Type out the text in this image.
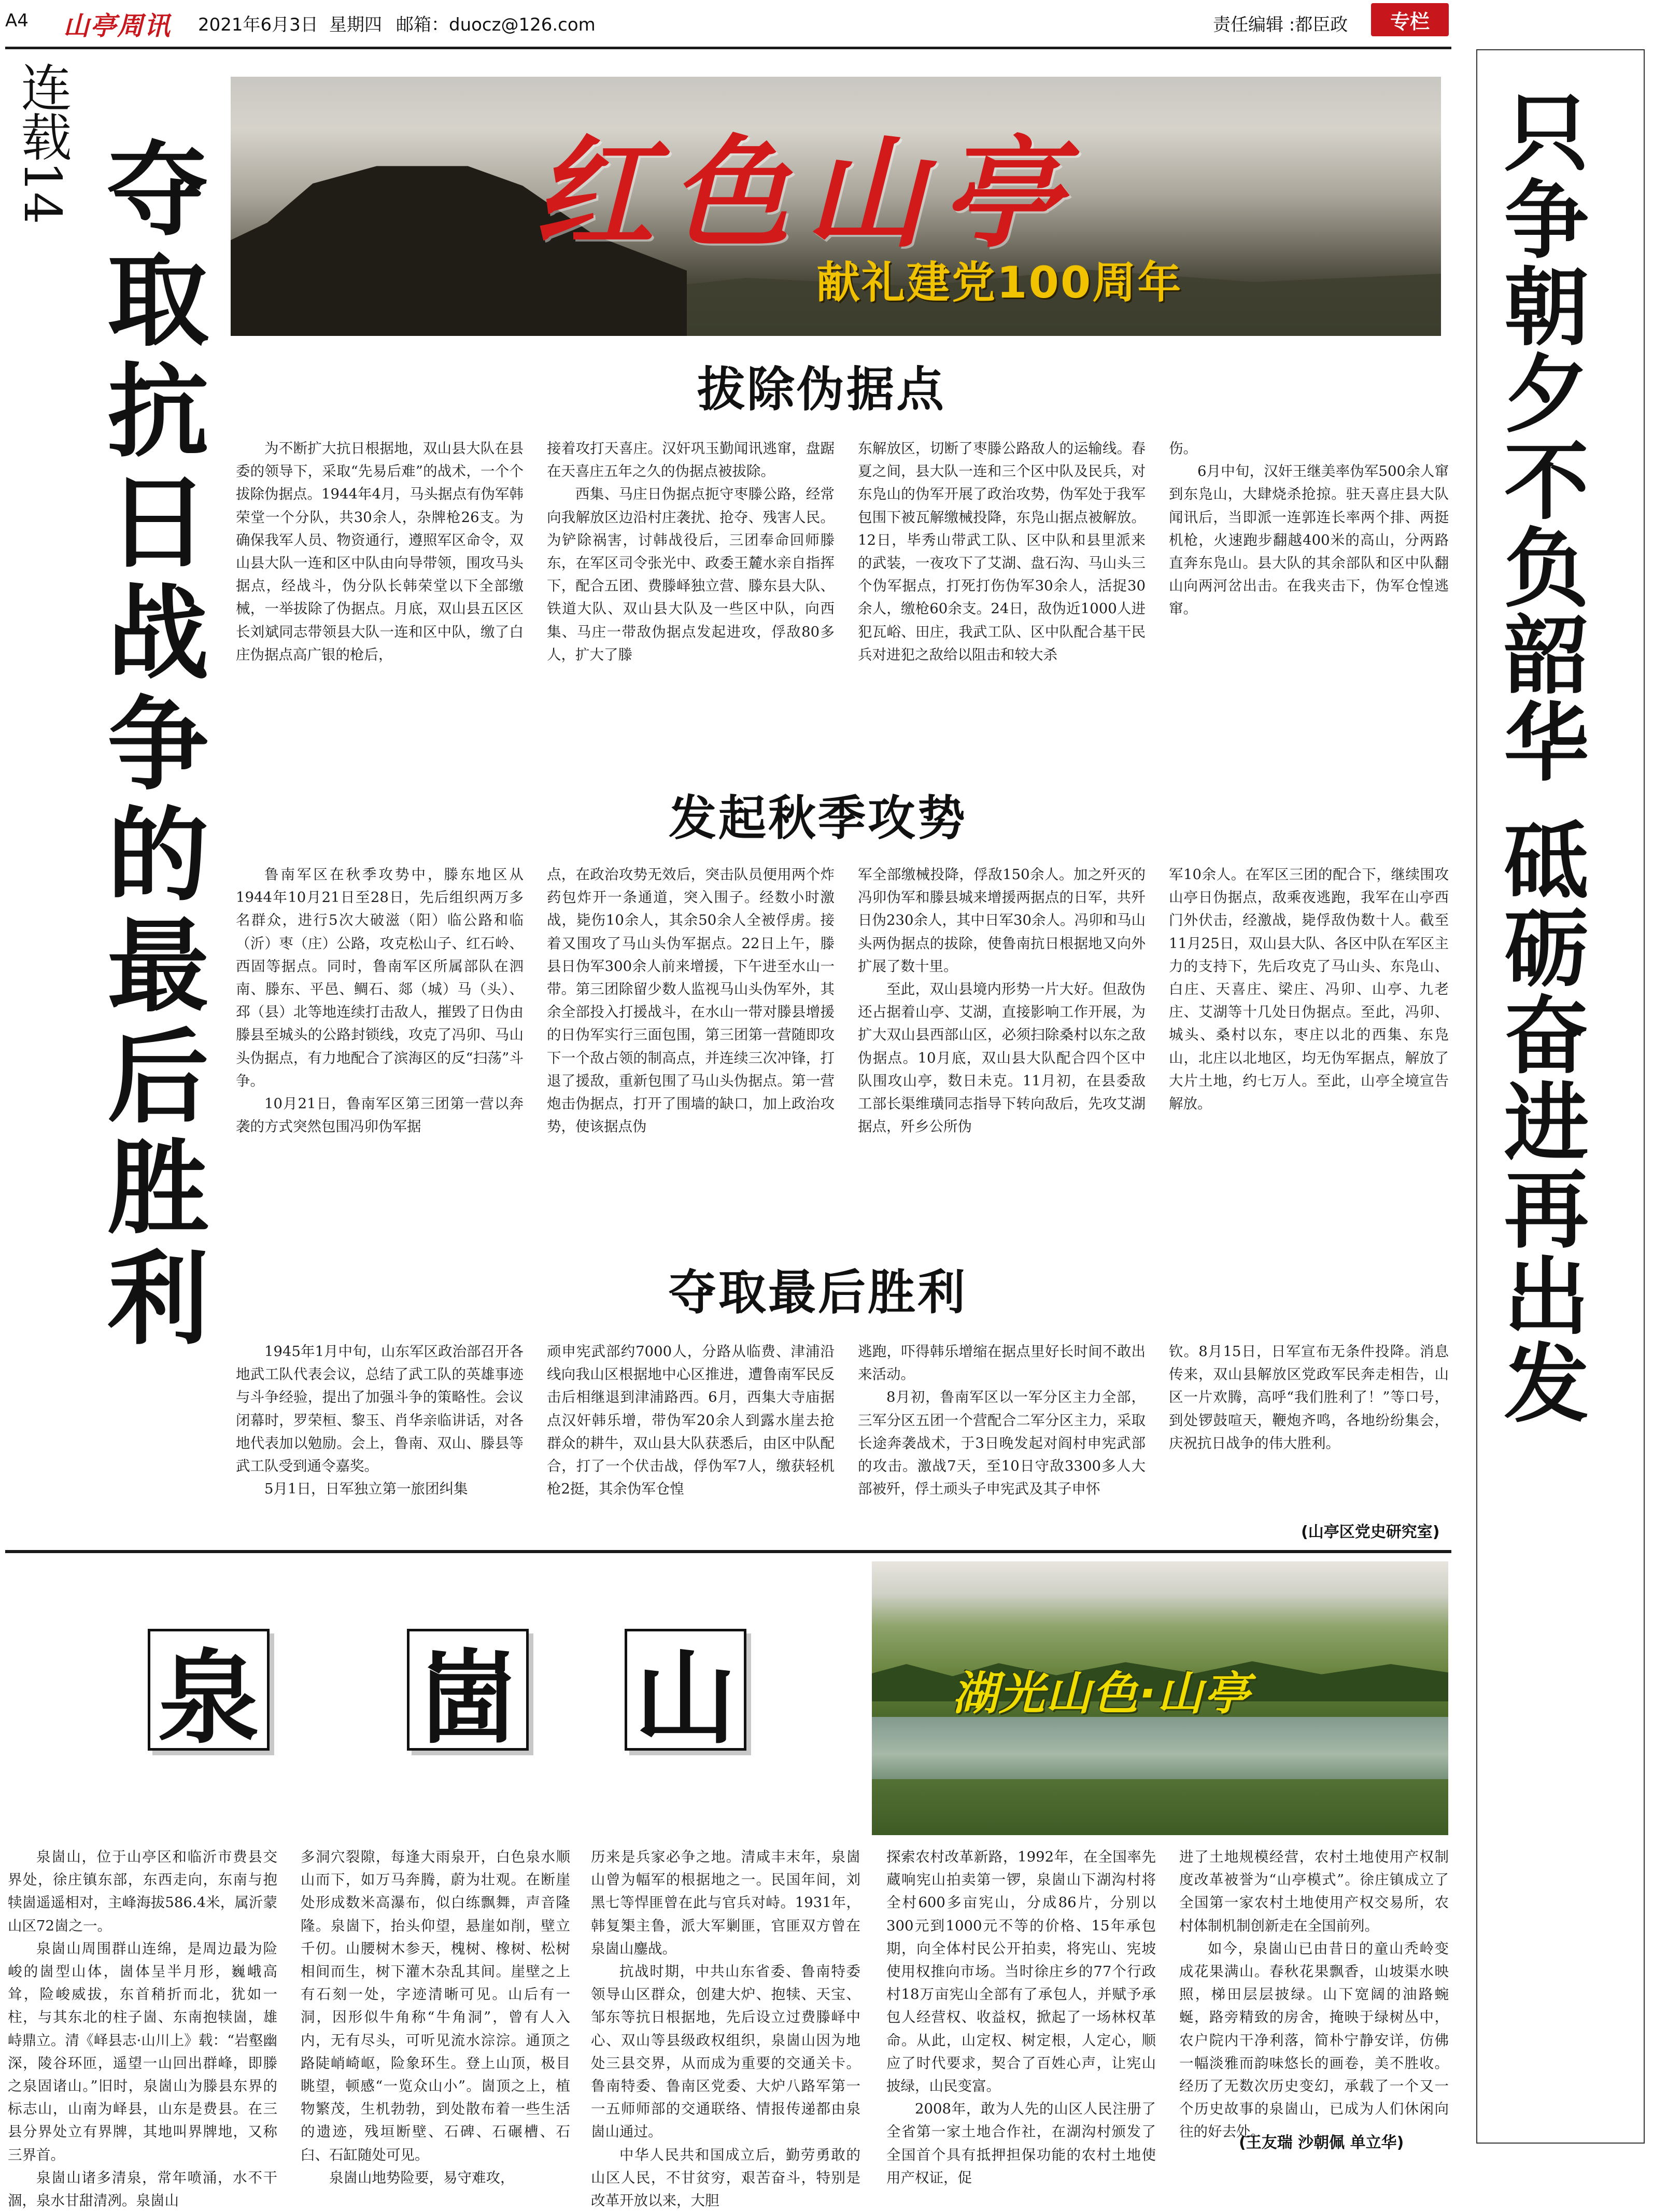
A4 山亭周讯 2021年6月3日 星期四 邮箱：duocz@126.com	责任编辑 :都臣政	专栏
连载14 夺取抗日战争的最后胜利	红色山亭
献礼建党100周年
拔除伪据点

为不断扩大抗日根据地，双山县大队在县委的领导下，采取“先易后难”的战术，一个个拔除伪据点。1944年4月，马头据点有伪军韩荣堂一个分队，共30余人，杂牌枪26支。为确保我军人员、物资通行，遵照军区命令，双山县大队一连和区中队由向导带领，围攻马头据点，经战斗，伪分队长韩荣堂以下全部缴械，一举拔除了伪据点。月底，双山县五区区长刘斌同志带领县大队一连和区中队，缴了白庄伪据点高广银的枪后，

接着攻打天喜庄。汉奸巩玉勤闻讯逃窜，盘踞在天喜庄五年之久的伪据点被拔除。

西集、马庄日伪据点扼守枣滕公路，经常向我解放区边沿村庄袭扰、抢夺、残害人民。为铲除祸害，讨韩战役后，三团奉命回师滕东，在军区司令张光中、政委王麓水亲自指挥下，配合五团、费滕峄独立营、滕东县大队、铁道大队、双山县大队及一些区中队，向西集、马庄一带敌伪据点发起进攻，俘敌80多人，扩大了滕

东解放区，切断了枣滕公路敌人的运输线。春夏之间，县大队一连和三个区中队及民兵，对东凫山的伪军开展了政治攻势，伪军处于我军包围下被瓦解缴械投降，东凫山据点被解放。12日，毕秀山带武工队、区中队和县里派来的武装，一夜攻下了艾湖、盘石沟、马山头三个伪军据点，打死打伤伪军30余人，活捉30余人，缴枪60余支。24日，敌伪近1000人进犯瓦峪、田庄，我武工队、区中队配合基干民兵对进犯之敌给以阻击和较大杀

伤。

6月中旬，汉奸王继美率伪军500余人窜到东凫山，大肆烧杀抢掠。驻天喜庄县大队闻讯后，当即派一连郭连长率两个排、两挺机枪，火速跑步翻越400米的高山，分两路直奔东凫山。县大队的其余部队和区中队翻山向两河岔出击。在我夹击下，伪军仓惶逃窜。

发起秋季攻势

鲁南军区在秋季攻势中，滕东地区从1944年10月21日至28日，先后组织两万多名群众，进行5次大破滋（阳）临公路和临（沂）枣（庄）公路，攻克松山子、红石岭、西固等据点。同时，鲁南军区所属部队在泗南、滕东、平邑、鲷石、郯（城）马（头）、邳（县）北等地连续打击敌人，摧毁了日伪由滕县至城头的公路封锁线，攻克了冯卯、马山头伪据点，有力地配合了滨海区的反“扫荡”斗争。

10月21日，鲁南军区第三团第一营以奔袭的方式突然包围冯卯伪军据

点，在政治攻势无效后，突击队员便用两个炸药包炸开一条通道，突入围子。经数小时激战，毙伤10余人，其余50余人全被俘虏。接着又围攻了马山头伪军据点。22日上午，滕县日伪军300余人前来增援，下午进至水山一带。第三团除留少数人监视马山头伪军外，其余全部投入打援战斗，在水山一带对滕县增援的日伪军实行三面包围，第三团第一营随即攻下一个敌占领的制高点，并连续三次冲锋，打退了援敌，重新包围了马山头伪据点。第一营炮击伪据点，打开了围墙的缺口，加上政治攻势，使该据点伪

军全部缴械投降，俘敌150余人。加之歼灭的冯卯伪军和滕县城来增援两据点的日军，共歼日伪230余人，其中日军30余人。冯卯和马山头两伪据点的拔除，使鲁南抗日根据地又向外扩展了数十里。

至此，双山县境内形势一片大好。但敌伪还占据着山亭、艾湖，直接影响工作开展，为扩大双山县西部山区，必须扫除桑村以东之敌伪据点。10月底，双山县大队配合四个区中队围攻山亭，数日未克。11月初，在县委敌工部长渠维璜同志指导下转向敌后，先攻艾湖据点，歼乡公所伪

军10余人。在军区三团的配合下，继续围攻山亭日伪据点，敌乘夜逃跑，我军在山亭西门外伏击，经激战，毙俘敌伪数十人。截至11月25日，双山县大队、各区中队在军区主力的支持下，先后攻克了马山头、东凫山、白庄、天喜庄、梁庄、冯卯、山亭、九老庄、艾湖等十几处日伪据点。至此，冯卯、城头、桑村以东，枣庄以北的西集、东凫山，北庄以北地区，均无伪军据点，解放了大片土地，约七万人。至此，山亭全境宣告解放。

夺取最后胜利

1945年1月中旬，山东军区政治部召开各地武工队代表会议，总结了武工队的英雄事迹与斗争经验，提出了加强斗争的策略性。会议闭幕时，罗荣桓、黎玉、肖华亲临讲话，对各地代表加以勉励。会上，鲁南、双山、滕县等武工队受到通令嘉奖。

5月1日，日军独立第一旅团纠集

顽申宪武部约7000人，分路从临费、津浦沿线向我山区根据地中心区推进，遭鲁南军民反击后相继退到津浦路西。6月，西集大寺庙据点汉奸韩乐增，带伪军20余人到露水崖去抢群众的耕牛，双山县大队获悉后，由区中队配合，打了一个伏击战，俘伪军7人，缴获轻机枪2挺，其余伪军仓惶

逃跑，吓得韩乐增缩在据点里好长时间不敢出来活动。

8月初，鲁南军区以一军分区主力全部，三军分区五团一个营配合二军分区主力，采取长途奔袭战术，于3日晚发起对阎村申宪武部的攻击。激战7天，至10日守敌3300多人大部被歼，俘土顽头子申宪武及其子申怀

钦。8月15日，日军宣布无条件投降。消息传来，双山县解放区党政军民奔走相告，山区一片欢腾，高呼“我们胜利了！”等口号，到处锣鼓喧天，鞭炮齐鸣，各地纷纷集会，庆祝抗日战争的伟大胜利。

(山亭区党史研究室)
只争朝夕不负韶华 砥砺奋进再出发
泉 崮 山	湖光山色·山亭

泉崮山，位于山亭区和临沂市费县交界处，徐庄镇东部，东西走向，东南与抱犊崮遥遥相对，主峰海拔586.4米，属沂蒙山区72崮之一。

泉崮山周围群山连绵，是周边最为险峻的崮型山体，崮体呈半月形，巍峨高耸，险峻威拔，东首稍折而北，犹如一柱，与其东北的柱子崮、东南抱犊崮，雄峙鼎立。清《峄县志·山川上》载：“岩壑幽深，陵谷环匝，遥望一山回出群峰，即滕之泉固诸山。”旧时，泉崮山为滕县东界的标志山，山南为峄县，山东是费县。在三县分界处立有界牌，其地叫界牌地，又称三界首。

泉崮山诸多清泉，常年喷涌，水不干涸，泉水甘甜清冽。泉崮山

多洞穴裂隙，每逢大雨泉开，白色泉水顺山而下，如万马奔腾，蔚为壮观。在断崖处形成数米高瀑布，似白练飘舞，声音隆隆。泉崮下，抬头仰望，悬崖如削，壁立千仞。山腰树木参天，槐树、橡树、松树相间而生，树下灌木杂乱其间。崖壁之上有石刻一处，字迹清晰可见。山后有一洞，因形似牛角称“牛角洞”，曾有人入内，无有尽头，可听见流水淙淙。通顶之路陡峭崎岖，险象环生。登上山顶，极目眺望，顿感“一览众山小”。崮顶之上，植物繁茂，生机勃勃，到处散布着一些生活的遗迹，残垣断壁、石碑、石碾槽、石臼、石缸随处可见。

泉崮山地势险要，易守难攻，

历来是兵家必争之地。清咸丰末年，泉崮山曾为幅军的根据地之一。民国年间，刘黑七等悍匪曾在此与官兵对峙。1931年，韩复榘主鲁，派大军剿匪，官匪双方曾在泉崮山鏖战。

抗战时期，中共山东省委、鲁南特委领导山区群众，创建大炉、抱犊、天宝、邹东等抗日根据地，先后设立过费滕峄中心、双山等县级政权组织，泉崮山因为地处三县交界，从而成为重要的交通关卡。鲁南特委、鲁南区党委、大炉八路军第一一五师师部的交通联络、情报传递都由泉崮山通过。

中华人民共和国成立后，勤劳勇敢的山区人民，不甘贫穷，艰苦奋斗，特别是改革开放以来，大胆

探索农村改革新路，1992年，在全国率先蔵响宪山拍卖第一锣，泉崮山下湖沟村将全村600多亩宪山，分成86片，分别以300元到1000元不等的价格、15年承包期，向全体村民公开拍卖，将宪山、宪坡使用权推向市场。当时徐庄乡的77个行政村18万亩宪山全部有了承包人，并赋予承包人经营权、收益权，掀起了一场林权革命。从此，山定权、树定根，人定心，顺应了时代要求，契合了百姓心声，让宪山披绿，山民变富。

2008年，敢为人先的山区人民注册了全省第一家土地合作社，在湖沟村颁发了全国首个具有抵押担保功能的农村土地使用产权证，促

进了土地规模经营，农村土地使用产权制度改革被誉为“山亭模式”。徐庄镇成立了全国第一家农村土地使用产权交易所，农村体制机制创新走在全国前列。

如今，泉崮山已由昔日的童山秃岭变成花果满山。春秋花果飘香，山坡渠水映照，梯田层层披绿。山下宽阔的油路蜿蜒，路旁精致的房舍，掩映于绿树丛中，农户院内干净利落，简朴宁静安详，仿佛一幅淡雅而韵味悠长的画卷，美不胜收。经历了无数次历史变幻，承载了一个又一个历史故事的泉崮山，已成为人们休闲向往的好去处。

(王友瑞 沙朝佩 单立华)
